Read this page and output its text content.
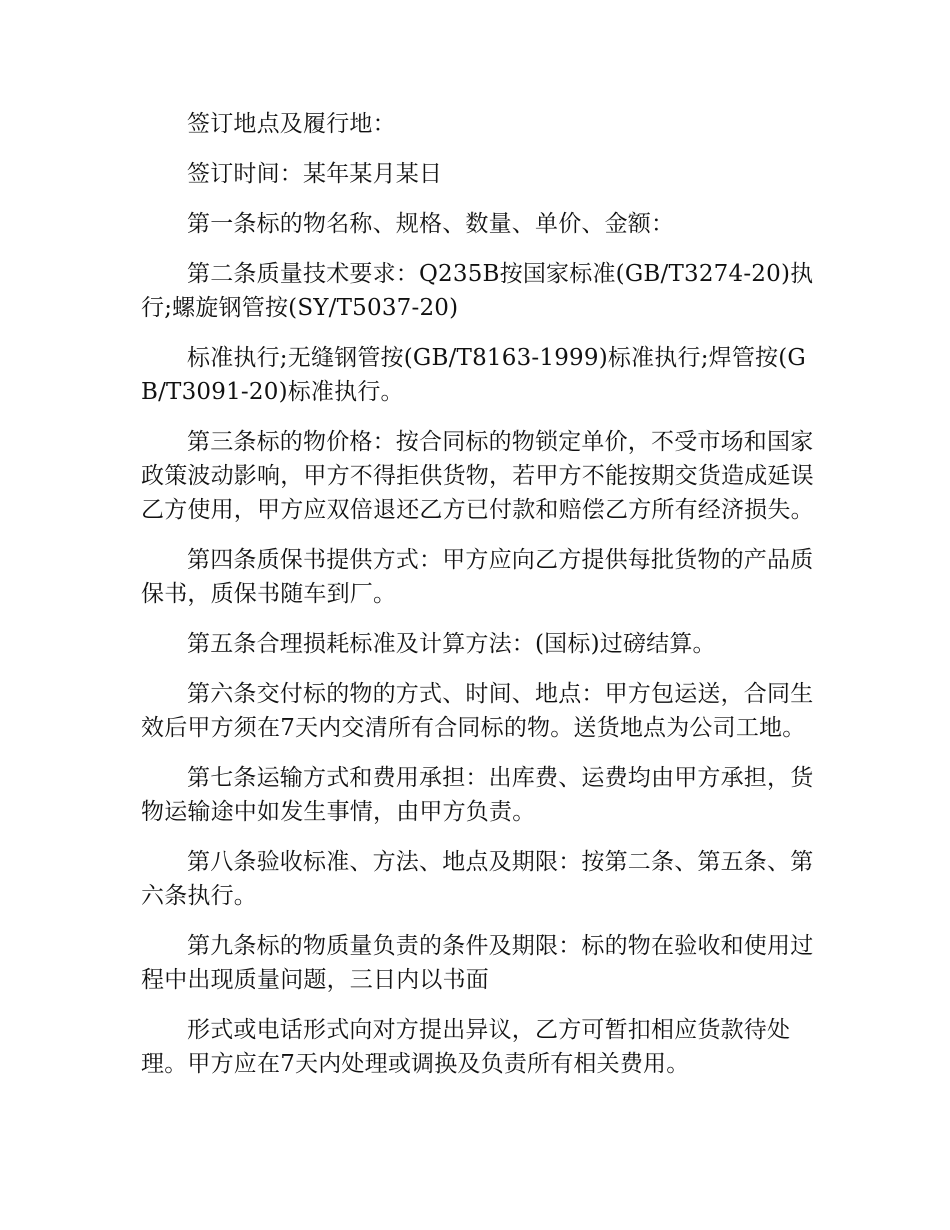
签订地点及履行地：

签订时间：某年某月某日

第一条标的物名称、规格、数量、单价、金额：

第二条质量技术要求：Q235B按国家标准(GB/T3274-20)执行;螺旋钢管按(SY/T5037-20)

标准执行;无缝钢管按(GB/T8163-1999)标准执行;焊管按(GB/T3091-20)标准执行。

第三条标的物价格：按合同标的物锁定单价，不受市场和国家政策波动影响，甲方不得拒供货物，若甲方不能按期交货造成延误乙方使用，甲方应双倍退还乙方已付款和赔偿乙方所有经济损失。

第四条质保书提供方式：甲方应向乙方提供每批货物的产品质保书，质保书随车到厂。

第五条合理损耗标准及计算方法：(国标)过磅结算。

第六条交付标的物的方式、时间、地点：甲方包运送，合同生效后甲方须在7天内交清所有合同标的物。送货地点为公司工地。

第七条运输方式和费用承担：出库费、运费均由甲方承担，货物运输途中如发生事情，由甲方负责。

第八条验收标准、方法、地点及期限：按第二条、第五条、第六条执行。

第九条标的物质量负责的条件及期限：标的物在验收和使用过程中出现质量问题，三日内以书面

形式或电话形式向对方提出异议，乙方可暂扣相应货款待处理。甲方应在7天内处理或调换及负责所有相关费用。
